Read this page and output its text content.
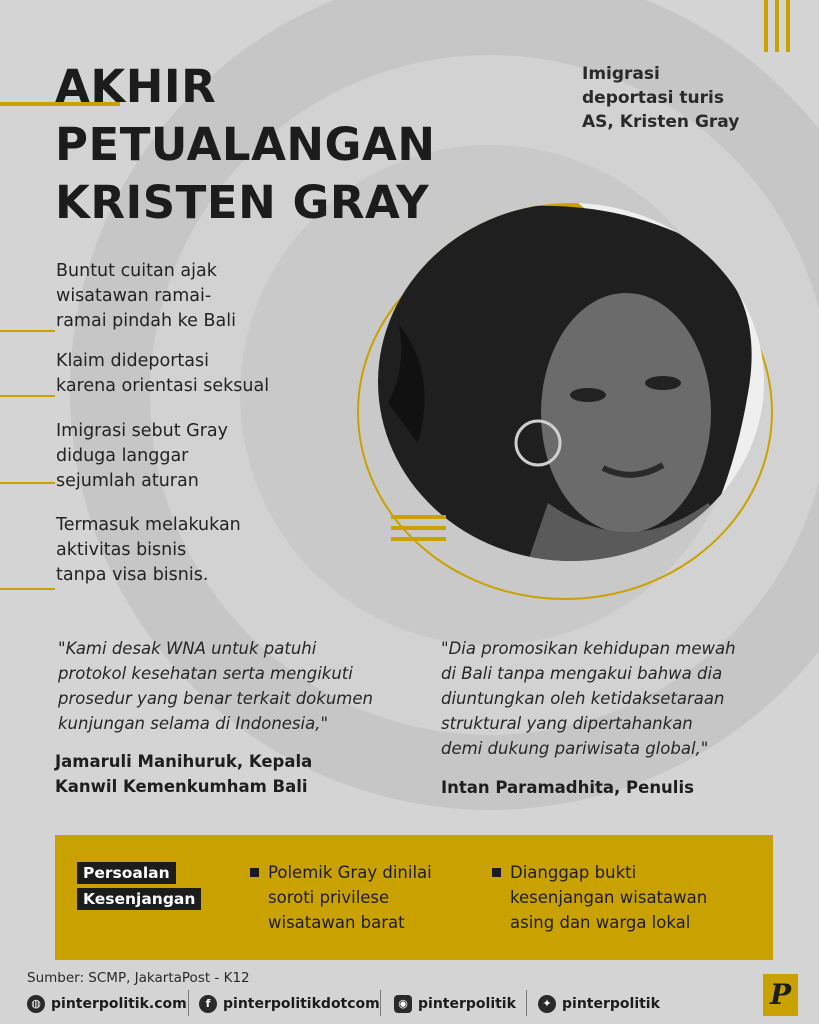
AKHIR
PETUALANGAN
KRISTEN GRAY
Imigrasi
deportasi turis
AS, Kristen Gray
Buntut cuitan ajak
wisatawan ramai-
ramai pindah ke Bali
Klaim dideportasi
karena orientasi seksual
Imigrasi sebut Gray
diduga langgar
sejumlah aturan
Termasuk melakukan
aktivitas bisnis
tanpa visa bisnis.
"Kami desak WNA untuk patuhi
protokol kesehatan serta mengikuti
prosedur yang benar terkait dokumen
kunjungan selama di Indonesia,"
Jamaruli Manihuruk, Kepala
Kanwil Kemenkumham Bali
"Dia promosikan kehidupan mewah
di Bali tanpa mengakui bahwa dia
diuntungkan oleh ketidaksetaraan
struktural yang dipertahankan
demi dukung pariwisata global,"
Intan Paramadhita, Penulis
Persoalan
Kesenjangan
Polemik Gray dinilai
soroti privilese
wisatawan barat
Dianggap bukti
kesenjangan wisatawan
asing dan warga lokal
Sumber: SCMP, JakartaPost - K12
◍ pinterpolitik.com	f pinterpolitikdotcom	◉ pinterpolitik	✦ pinterpolitik	P
